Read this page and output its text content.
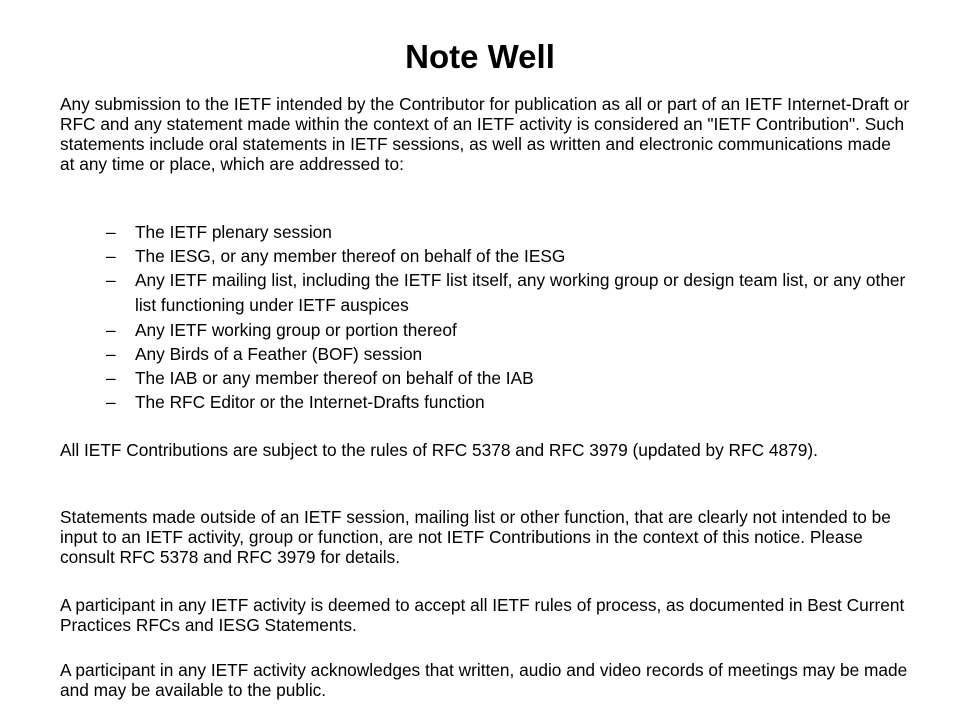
Note Well

Any submission to the IETF intended by the Contributor for publication as all or part of an IETF Internet-Draft or RFC and any statement made within the context of an IETF activity is considered an "IETF Contribution". Such statements include oral statements in IETF sessions, as well as written and electronic communications made at any time or place, which are addressed to:

– The IETF plenary session
– The IESG, or any member thereof on behalf of the IESG
– Any IETF mailing list, including the IETF list itself, any working group or design team list, or any other list functioning under IETF auspices
– Any IETF working group or portion thereof
– Any Birds of a Feather (BOF) session
– The IAB or any member thereof on behalf of the IAB
– The RFC Editor or the Internet-Drafts function

All IETF Contributions are subject to the rules of RFC 5378 and RFC 3979 (updated by RFC 4879).

Statements made outside of an IETF session, mailing list or other function, that are clearly not intended to be input to an IETF activity, group or function, are not IETF Contributions in the context of this notice. Please consult RFC 5378 and RFC 3979 for details.

A participant in any IETF activity is deemed to accept all IETF rules of process, as documented in Best Current Practices RFCs and IESG Statements.

A participant in any IETF activity acknowledges that written, audio and video records of meetings may be made and may be available to the public.
